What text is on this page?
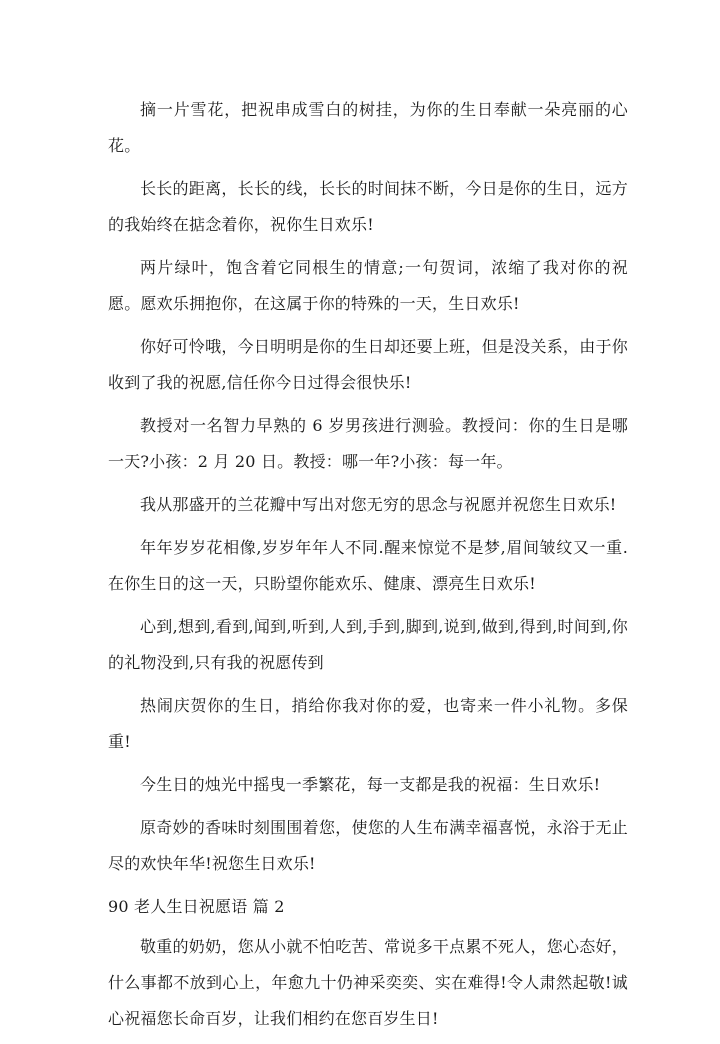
摘一片雪花，把祝串成雪白的树挂，为你的生日奉献一朵亮丽的心花。

长长的距离，长长的线，长长的时间抹不断，今日是你的生日，远方的我始终在掂念着你，祝你生日欢乐!

两片绿叶，饱含着它同根生的情意;一句贺词，浓缩了我对你的祝愿。愿欢乐拥抱你，在这属于你的特殊的一天，生日欢乐!

你好可怜哦，今日明明是你的生日却还要上班，但是没关系，由于你收到了我的祝愿,信任你今日过得会很快乐!

教授对一名智力早熟的 6 岁男孩进行测验。教授问：你的生日是哪一天?小孩：2 月 20 日。教授：哪一年?小孩：每一年。

我从那盛开的兰花瓣中写出对您无穷的思念与祝愿并祝您生日欢乐!

年年岁岁花相像,岁岁年年人不同.醒来惊觉不是梦,眉间皱纹又一重.在你生日的这一天，只盼望你能欢乐、健康、漂亮生日欢乐!

心到,想到,看到,闻到,听到,人到,手到,脚到,说到,做到,得到,时间到,你的礼物没到,只有我的祝愿传到

热闹庆贺你的生日，捎给你我对你的爱，也寄来一件小礼物。多保重!

今生日的烛光中摇曳一季繁花，每一支都是我的祝福：生日欢乐!

原奇妙的香味时刻围围着您，使您的人生布满幸福喜悦，永浴于无止尽的欢快年华!祝您生日欢乐!

90 老人生日祝愿语 篇 2

敬重的奶奶，您从小就不怕吃苦、常说多干点累不死人，您心态好，什么事都不放到心上，年愈九十仍神采奕奕、实在难得!令人肃然起敬!诚心祝福您长命百岁，让我们相约在您百岁生日!
